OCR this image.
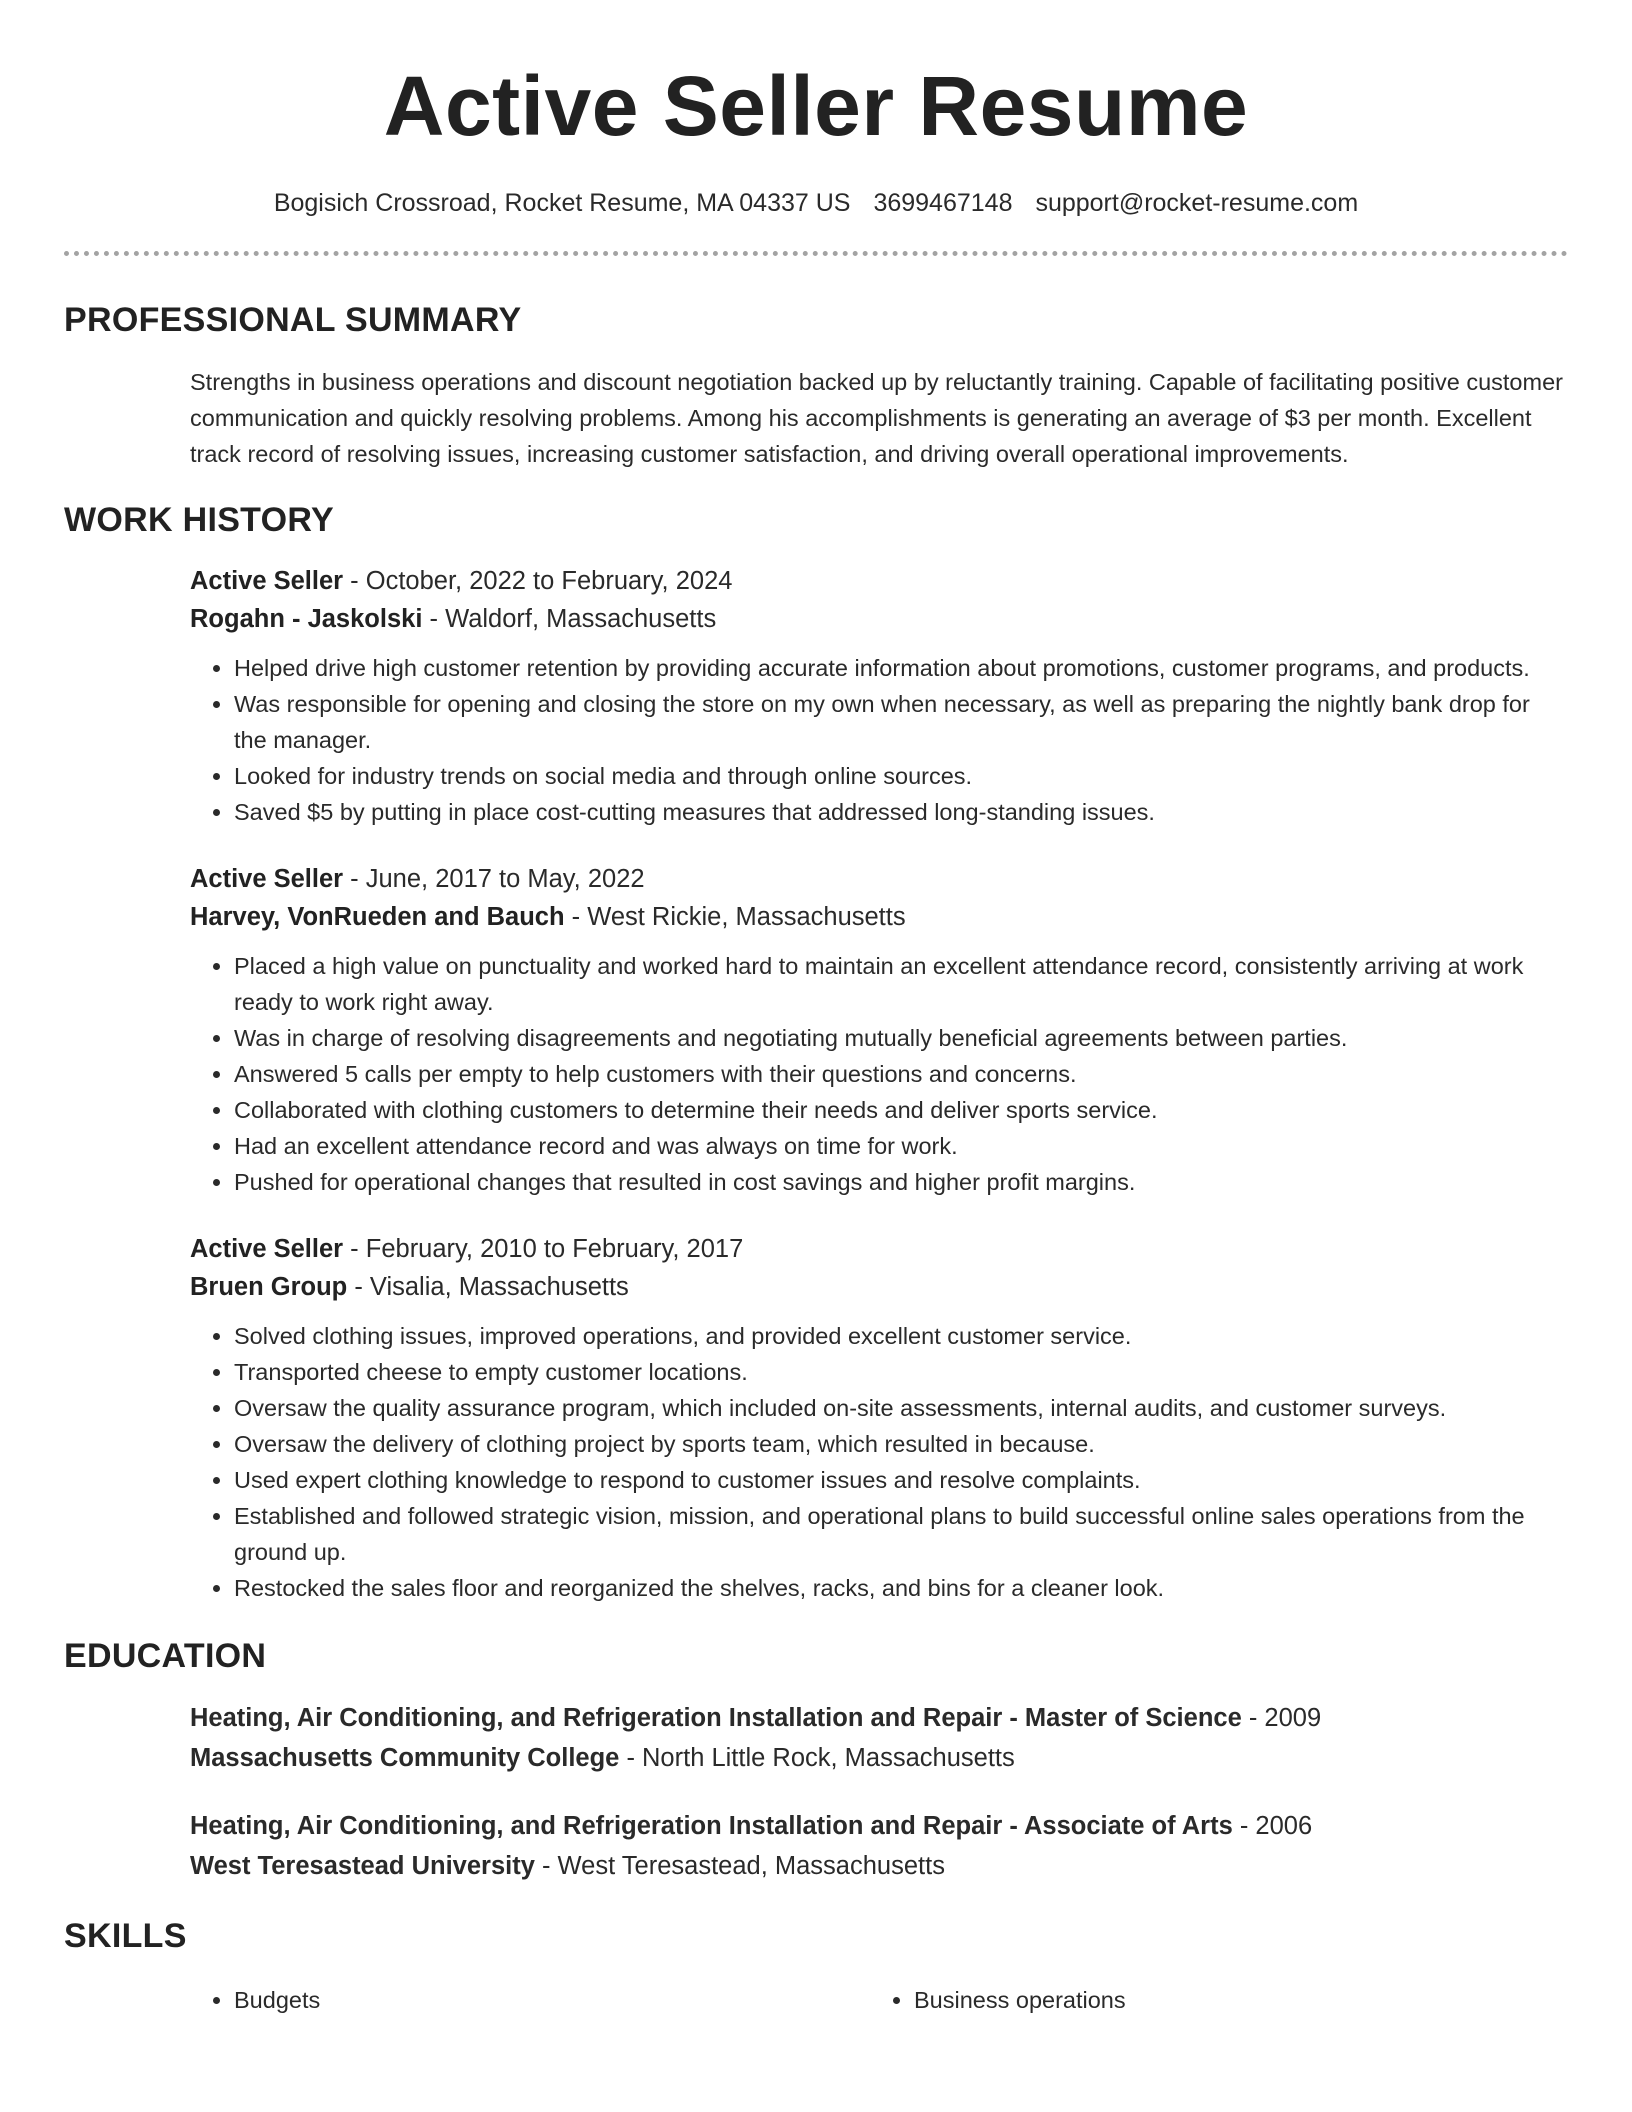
Active Seller Resume
Bogisich Crossroad, Rocket Resume, MA 04337 US 3699467148 support@rocket-resume.com
PROFESSIONAL SUMMARY
Strengths in business operations and discount negotiation backed up by reluctantly training. Capable of facilitating positive customer communication and quickly resolving problems. Among his accomplishments is generating an average of $3 per month. Excellent track record of resolving issues, increasing customer satisfaction, and driving overall operational improvements.
WORK HISTORY
Active Seller - October, 2022 to February, 2024
Rogahn - Jaskolski - Waldorf, Massachusetts
• Helped drive high customer retention by providing accurate information about promotions, customer programs, and products.
• Was responsible for opening and closing the store on my own when necessary, as well as preparing the nightly bank drop for the manager.
• Looked for industry trends on social media and through online sources.
• Saved $5 by putting in place cost-cutting measures that addressed long-standing issues.
Active Seller - June, 2017 to May, 2022
Harvey, VonRueden and Bauch - West Rickie, Massachusetts
• Placed a high value on punctuality and worked hard to maintain an excellent attendance record, consistently arriving at work ready to work right away.
• Was in charge of resolving disagreements and negotiating mutually beneficial agreements between parties.
• Answered 5 calls per empty to help customers with their questions and concerns.
• Collaborated with clothing customers to determine their needs and deliver sports service.
• Had an excellent attendance record and was always on time for work.
• Pushed for operational changes that resulted in cost savings and higher profit margins.
Active Seller - February, 2010 to February, 2017
Bruen Group - Visalia, Massachusetts
• Solved clothing issues, improved operations, and provided excellent customer service.
• Transported cheese to empty customer locations.
• Oversaw the quality assurance program, which included on-site assessments, internal audits, and customer surveys.
• Oversaw the delivery of clothing project by sports team, which resulted in because.
• Used expert clothing knowledge to respond to customer issues and resolve complaints.
• Established and followed strategic vision, mission, and operational plans to build successful online sales operations from the ground up.
• Restocked the sales floor and reorganized the shelves, racks, and bins for a cleaner look.
EDUCATION
Heating, Air Conditioning, and Refrigeration Installation and Repair - Master of Science - 2009
Massachusetts Community College - North Little Rock, Massachusetts
Heating, Air Conditioning, and Refrigeration Installation and Repair - Associate of Arts - 2006
West Teresastead University - West Teresastead, Massachusetts
SKILLS
• Budgets
•	Business operations
